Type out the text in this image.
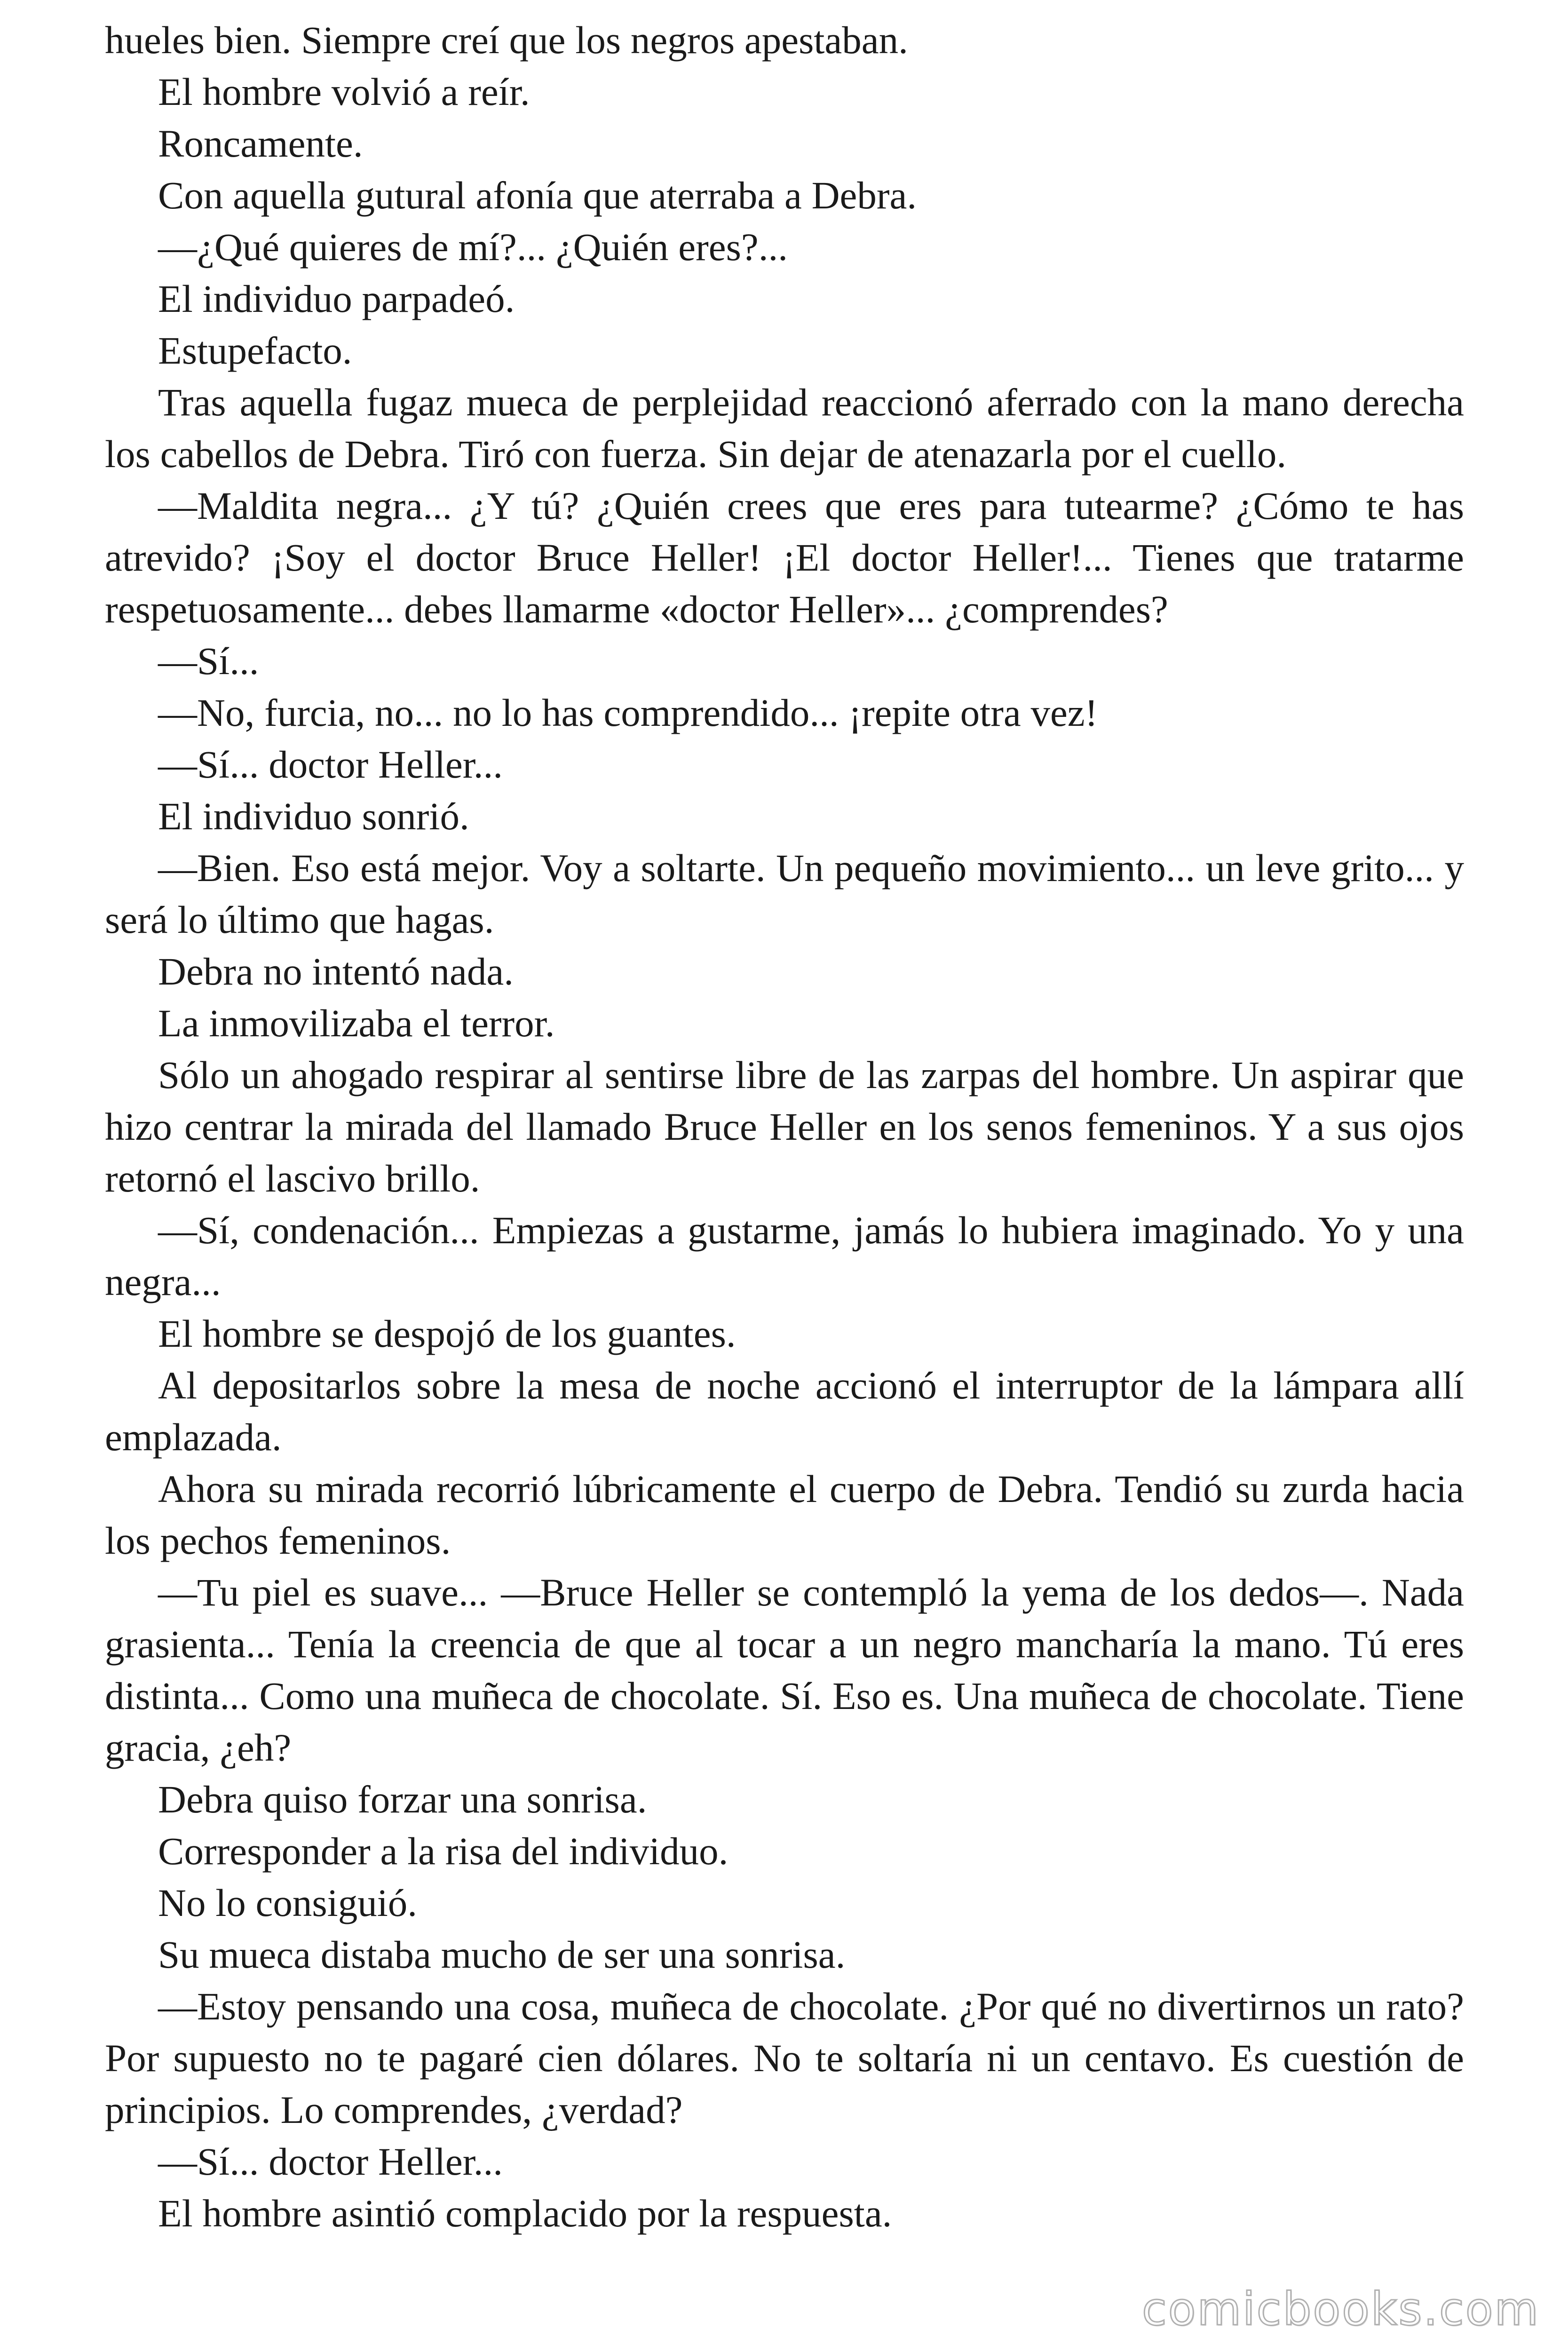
hueles bien. Siempre creí que los negros apestaban.

El hombre volvió a reír.

Roncamente.

Con aquella gutural afonía que aterraba a Debra.

—¿Qué quieres de mí?... ¿Quién eres?...

El individuo parpadeó.

Estupefacto.

Tras aquella fugaz mueca de perplejidad reaccionó aferrado con la mano derecha los cabellos de Debra. Tiró con fuerza. Sin dejar de atenazarla por el cuello.

—Maldita negra... ¿Y tú? ¿Quién crees que eres para tutearme? ¿Cómo te has atrevido? ¡Soy el doctor Bruce Heller! ¡El doctor Heller!... Tienes que tratarme respetuosamente... debes llamarme «doctor Heller»... ¿comprendes?

—Sí...

—No, furcia, no... no lo has comprendido... ¡repite otra vez!

—Sí... doctor Heller...

El individuo sonrió.

—Bien. Eso está mejor. Voy a soltarte. Un pequeño movimiento... un leve grito... y será lo último que hagas.

Debra no intentó nada.

La inmovilizaba el terror.

Sólo un ahogado respirar al sentirse libre de las zarpas del hombre. Un aspirar que hizo centrar la mirada del llamado Bruce Heller en los senos femeninos. Y a sus ojos retornó el lascivo brillo.

—Sí, condenación... Empiezas a gustarme, jamás lo hubiera imaginado. Yo y una negra...

El hombre se despojó de los guantes.

Al depositarlos sobre la mesa de noche accionó el interruptor de la lámpara allí emplazada.

Ahora su mirada recorrió lúbricamente el cuerpo de Debra. Tendió su zurda hacia los pechos femeninos.

—Tu piel es suave... —Bruce Heller se contempló la yema de los dedos—. Nada grasienta... Tenía la creencia de que al tocar a un negro mancharía la mano. Tú eres distinta... Como una muñeca de chocolate. Sí. Eso es. Una muñeca de chocolate. Tiene gracia, ¿eh?

Debra quiso forzar una sonrisa.

Corresponder a la risa del individuo.

No lo consiguió.

Su mueca distaba mucho de ser una sonrisa.

—Estoy pensando una cosa, muñeca de chocolate. ¿Por qué no divertirnos un rato? Por supuesto no te pagaré cien dólares. No te soltaría ni un centavo. Es cuestión de principios. Lo comprendes, ¿verdad?

—Sí... doctor Heller...

El hombre asintió complacido por la respuesta.

comicbooks.com
